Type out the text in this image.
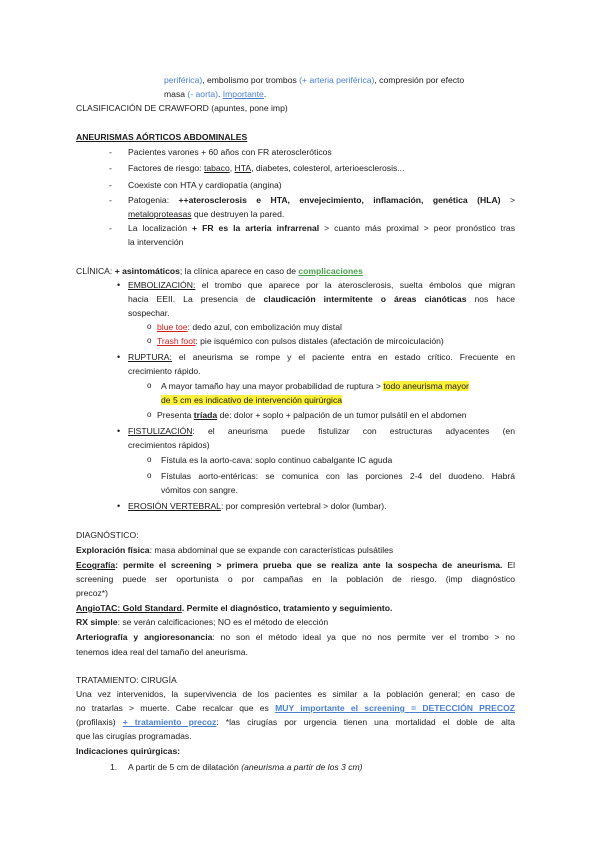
periférica), embolismo por trombos (+ arteria periférica), compresión por efecto
masa (- aorta). Importante.
CLASIFICACIÓN DE CRAWFORD (apuntes, pone imp)
ANEURISMAS AÓRTICOS ABDOMINALES
- Pacientes varones + 60 años con FR ateroscleróticos
- Factores de riesgo: tabaco, HTA, diabetes, colesterol, arterioesclerosis...
- Coexiste con HTA y cardiopatía (angina)
- Patogenia: ++aterosclerosis e HTA, envejecimiento, inflamación, genética (HLA) >
metaloproteasas que destruyen la pared.
- La localización + FR es la arteria infrarrenal > cuanto más proximal > peor pronóstico tras
la intervención
CLÍNICA: + asintomáticos; la clínica aparece en caso de complicaciones
• EMBOLIZACIÓN: el trombo que aparece por la aterosclerosis, suelta émbolos que migran
hacia EEII. La presencia de claudicación intermitente o áreas cianóticas nos hace
sospechar.
o blue toe: dedo azul, con embolización muy distal
o Trash foot: pie isquémico con pulsos distales (afectación de mircoiculación)
• RUPTURA: el aneurisma se rompe y el paciente entra en estado crítico. Frecuente en
crecimiento rápido.
o A mayor tamaño hay una mayor probabilidad de ruptura > todo aneurisma mayor
de 5 cm es indicativo de intervención quirúrgica
o Presenta tríada de: dolor + soplo + palpación de un tumor pulsátil en el abdomen
• FISTULIZACIÓN: el aneurisma puede fistulizar con estructuras adyacentes (en
crecimientos rápidos)
o Fístula es la aorto-cava: soplo continuo cabalgante IC aguda
o Fístulas aorto-entéricas: se comunica con las porciones 2-4 del duodeno. Habrá
vómitos con sangre.
• EROSIÓN VERTEBRAL: por compresión vertebral > dolor (lumbar).
DIAGNÓSTICO:
Exploración física: masa abdominal que se expande con características pulsátiles
Ecografía: permite el screening > primera prueba que se realiza ante la sospecha de aneurisma. El
screening puede ser oportunista o por campañas en la población de riesgo. (imp diagnóstico
precoz*)
AngioTAC: Gold Standard. Permite el diagnóstico, tratamiento y seguimiento.
RX simple: se verán calcificaciones; NO es el método de elección
Arteriografía y angioresonancia: no son el método ideal ya que no nos permite ver el trombo > no
tenemos idea real del tamaño del aneurisma.
TRATAMIENTO: CIRUGÍA
Una vez intervenidos, la supervivencia de los pacientes es similar a la población general; en caso de
no tratarlas > muerte. Cabe recalcar que es MUY importante el screening = DETECCIÓN PRECOZ
(profilaxis) + tratamiento precoz: *las cirugías por urgencia tienen una mortalidad el doble de alta
que las cirugías programadas.
Indicaciones quirúrgicas:
1. A partir de 5 cm de dilatación (aneurisma a partir de los 3 cm)
